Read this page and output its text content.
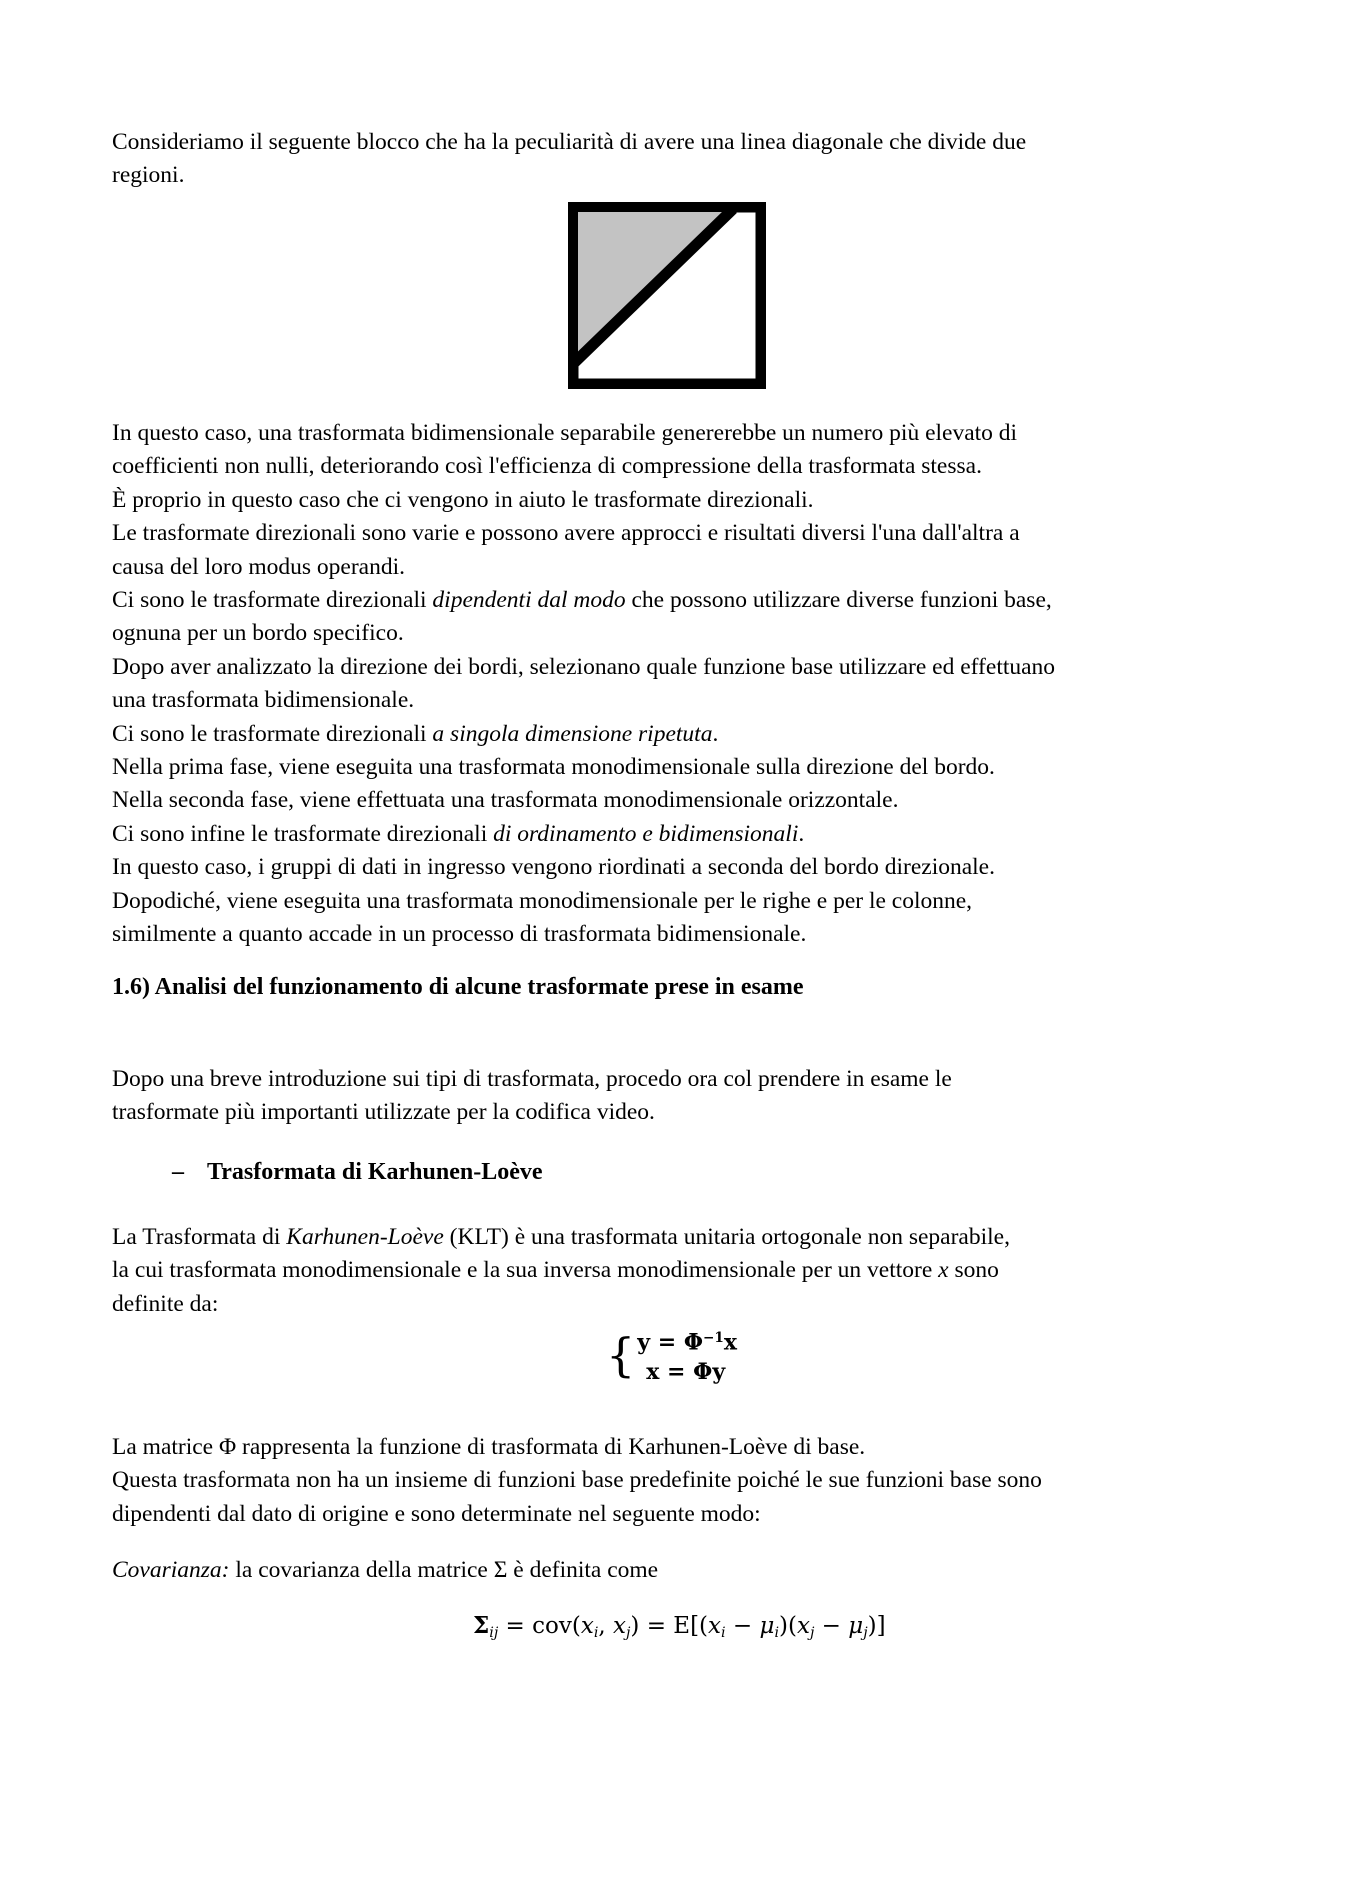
Consideriamo il seguente blocco che ha la peculiarità di avere una linea diagonale che divide due
regioni.
In questo caso, una trasformata bidimensionale separabile genererebbe un numero più elevato di
coefficienti non nulli, deteriorando così l'efficienza di compressione della trasformata stessa.
È proprio in questo caso che ci vengono in aiuto le trasformate direzionali.
Le trasformate direzionali sono varie e possono avere approcci e risultati diversi l'una dall'altra a
causa del loro modus operandi.
Ci sono le trasformate direzionali dipendenti dal modo che possono utilizzare diverse funzioni base,
ognuna per un bordo specifico.
Dopo aver analizzato la direzione dei bordi, selezionano quale funzione base utilizzare ed effettuano
una trasformata bidimensionale.
Ci sono le trasformate direzionali a singola dimensione ripetuta.
Nella prima fase, viene eseguita una trasformata monodimensionale sulla direzione del bordo.
Nella seconda fase, viene effettuata una trasformata monodimensionale orizzontale.
Ci sono infine le trasformate direzionali di ordinamento e bidimensionali.
In questo caso, i gruppi di dati in ingresso vengono riordinati a seconda del bordo direzionale.
Dopodiché, viene eseguita una trasformata monodimensionale per le righe e per le colonne,
similmente a quanto accade in un processo di trasformata bidimensionale.
1.6) Analisi del funzionamento di alcune trasformate prese in esame
Dopo una breve introduzione sui tipi di trasformata, procedo ora col prendere in esame le
trasformate più importanti utilizzate per la codifica video.
– Trasformata di Karhunen-Loève
La Trasformata di Karhunen-Loève (KLT) è una trasformata unitaria ortogonale non separabile,
la cui trasformata monodimensionale e la sua inversa monodimensionale per un vettore x sono
definite da:
{ $y = \Phi^{-1}x$
x = Φy
La matrice Φ rappresenta la funzione di trasformata di Karhunen-Loève di base.
Questa trasformata non ha un insieme di funzioni base predefinite poiché le sue funzioni base sono
dipendenti dal dato di origine e sono determinate nel seguente modo:
Covarianza: la covarianza della matrice Σ è definita come
$\Sigma_{ij} = cov(x_i$, $x_j) = E[(x_i - \mu_i)(x_j - \mu_j)]$
